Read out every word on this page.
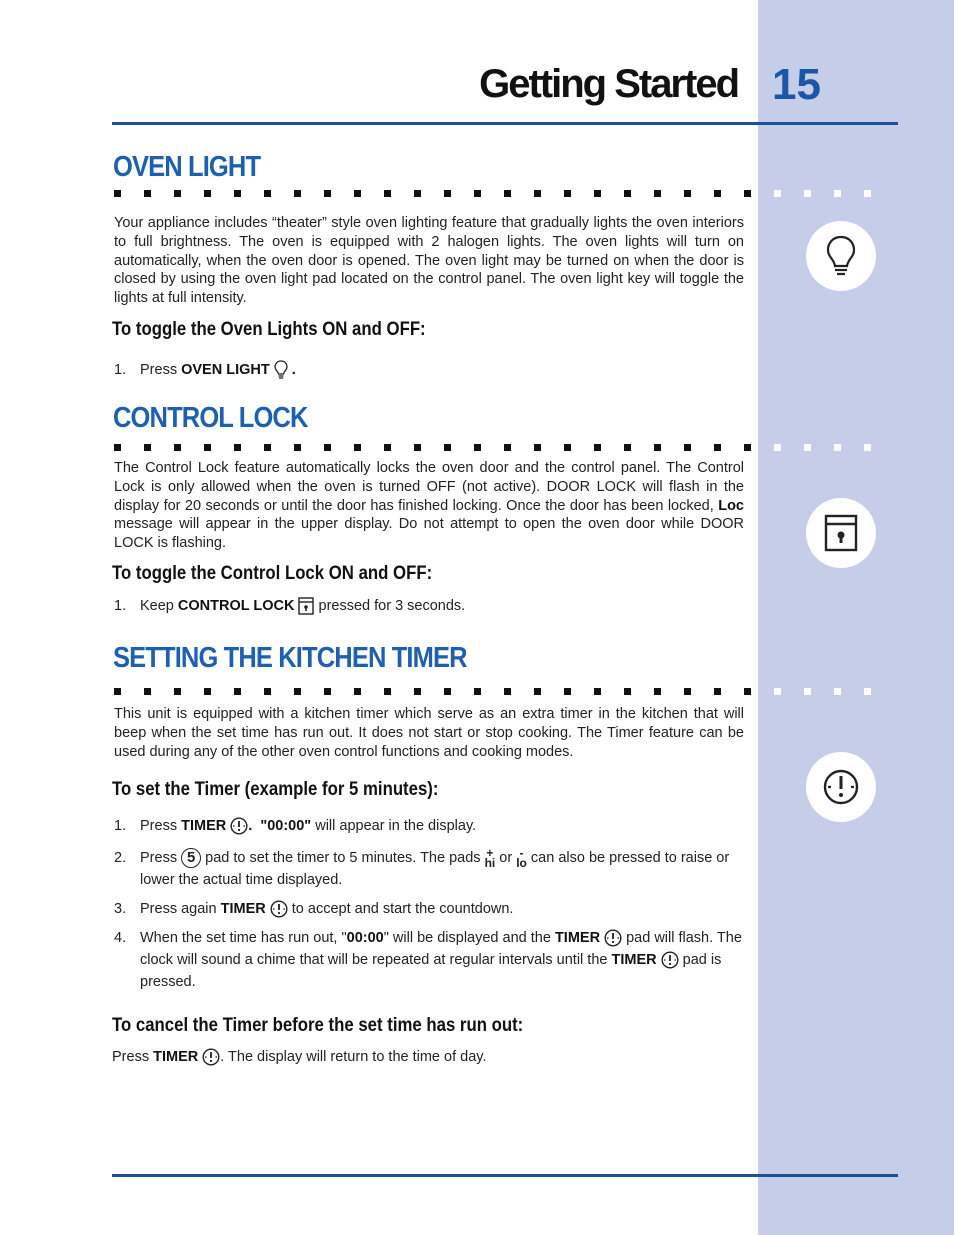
Getting Started 15
OVEN LIGHT
Your appliance includes “theater” style oven lighting feature that gradually lights the oven interiors to full brightness. The oven is equipped with 2 halogen lights. The oven lights will turn on automatically, when the oven door is opened. The oven light may be turned on when the door is closed by using the oven light pad located on the control panel. The oven light key will toggle the lights at full intensity.
To toggle the Oven Lights ON and OFF:
1. Press OVEN LIGHT .
CONTROL LOCK
The Control Lock feature automatically locks the oven door and the control panel. The Control Lock is only allowed when the oven is turned OFF (not active). DOOR LOCK will flash in the display for 20 seconds or until the door has finished locking. Once the door has been locked, Loc message will appear in the upper display. Do not attempt to open the oven door while DOOR LOCK is flashing.
To toggle the Control Lock ON and OFF:
1. Keep CONTROL LOCK pressed for 3 seconds.
SETTING THE KITCHEN TIMER
This unit is equipped with a kitchen timer which serve as an extra timer in the kitchen that will beep when the set time has run out. It does not start or stop cooking. The Timer feature can be used during any of the other oven control functions and cooking modes.
To set the Timer (example for 5 minutes):
1. Press TIMER . "00:00" will appear in the display.
2. Press 5 pad to set the timer to 5 minutes. The pads +
hi or -
lo can also be pressed to raise or lower the actual time displayed.
3. Press again TIMER to accept and start the countdown.
4. When the set time has run out, "00:00" will be displayed and the TIMER pad will flash. The clock will sound a chime that will be repeated at regular intervals until the TIMER pad is pressed.
To cancel the Timer before the set time has run out:
Press TIMER . The display will return to the time of day.
